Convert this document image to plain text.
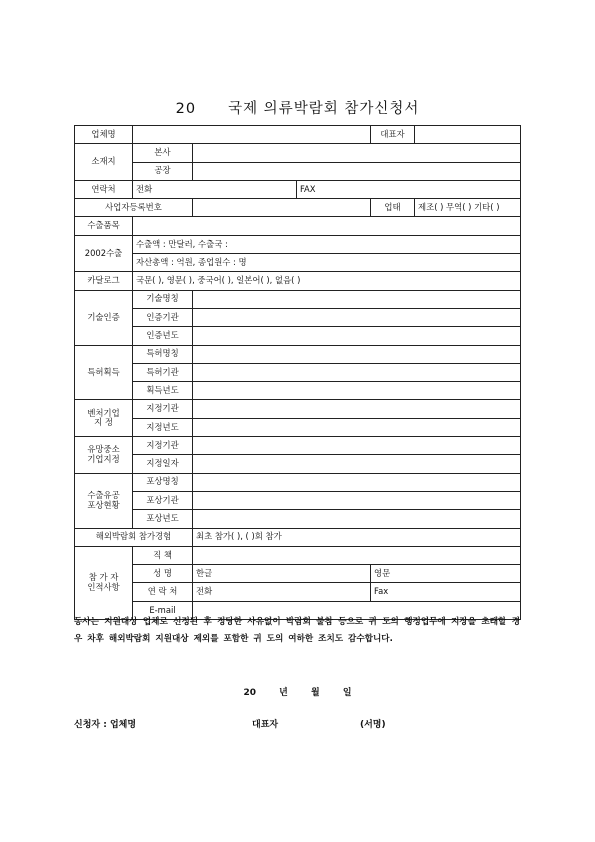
20 국제 의류박람회 참가신청서
업체명				대표자	
소재지	본사				
	공장				
연락처	전화		FAX		
사업자등록번호				업태	제조( ) 무역( ) 기타( )
수출품목					
2002수출	수출액 : 만달러, 수출국 :				
	자산총액 : 억원, 종업원수 : 명				
카달로그	국문( ), 영문( ), 중국어( ), 일본어( ), 없음( )				
기술인증	기술명칭				
	인증기관				
	인증년도				
특허획득	특허명칭				
	특허기관				
	획득년도				
벤처기업
지 정	지정기관				
	지정년도				
유망중소
기업지정	지정기관				
	지정일자				
수출유공
포상현황	포상명칭				
	포상기관				
	포상년도				
해외박람회 참가경험		최초 참가( ), ( )회 참가			
참 가 자
인적사항	직 책				
	성 명	한글		영문	
	연 락 처	전화		Fax	
	E-mail				
동사는 지원대상 업체로 선정된 후 정당한 사유없이 박람회 불참 등으로 귀 도의 행정업무에 지장을 초래할 경우 차후 해외박람회 지원대상 제외를 포함한 귀 도의 여하한 조치도 감수합니다.
20	년	월	일
신청자 : 업체명	대표자	(서명)
